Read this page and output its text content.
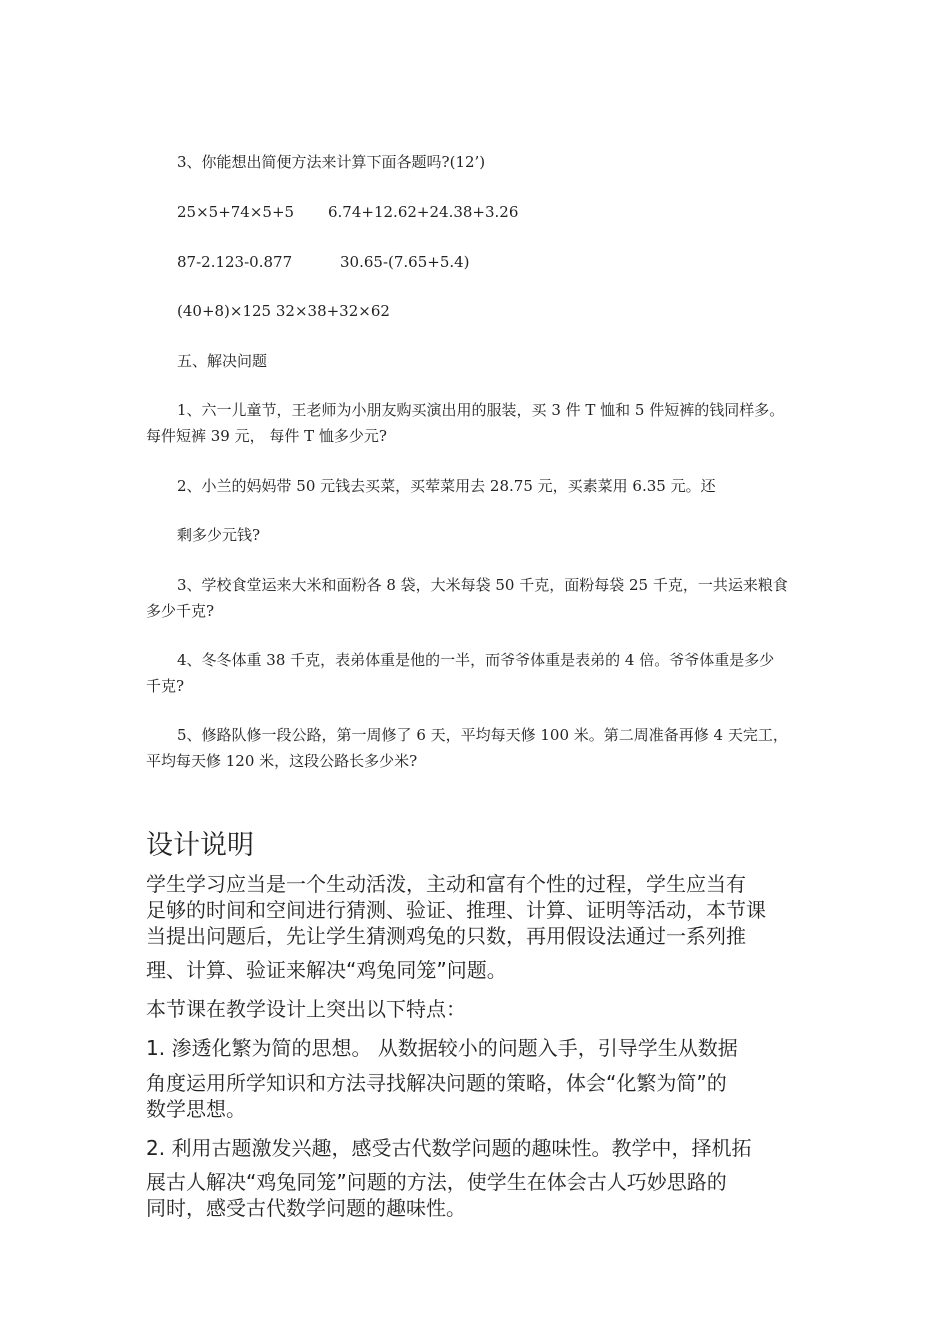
3、你能想出简便方法来计算下面各题吗?(12’)
25×5+74×5+5 6.74+12.62+24.38+3.26
87-2.123-0.877	30.65-(7.65+5.4)
(40+8)×125 32×38+32×62
五、解决问题
1、六一儿童节，王老师为小朋友购买演出用的服装，买 3 件 T 恤和 5 件短裤的钱同样多。
每件短裤 39 元， 每件 T 恤多少元?
2、小兰的妈妈带 50 元钱去买菜，买荤菜用去 28.75 元，买素菜用 6.35 元。还
剩多少元钱?
3、学校食堂运来大米和面粉各 8 袋，大米每袋 50 千克，面粉每袋 25 千克，一共运来粮食
多少千克?
4、冬冬体重 38 千克，表弟体重是他的一半，而爷爷体重是表弟的 4 倍。爷爷体重是多少
千克?
5、修路队修一段公路，第一周修了 6 天，平均每天修 100 米。第二周准备再修 4 天完工，
平均每天修 120 米，这段公路长多少米?
设计说明
学生学习应当是一个生动活泼，主动和富有个性的过程，学生应当有
足够的时间和空间进行猜测、验证、推理、计算、证明等活动，本节课
当提出问题后，先让学生猜测鸡兔的只数，再用假设法通过一系列推
理、计算、验证来解决“鸡兔同笼”问题。
本节课在教学设计上突出以下特点：
1. 渗透化繁为简的思想。 从数据较小的问题入手，引导学生从数据
角度运用所学知识和方法寻找解决问题的策略，体会“化繁为简”的
数学思想。
2. 利用古题激发兴趣，感受古代数学问题的趣味性。教学中，择机拓
展古人解决“鸡兔同笼”问题的方法，使学生在体会古人巧妙思路的
同时，感受古代数学问题的趣味性。
